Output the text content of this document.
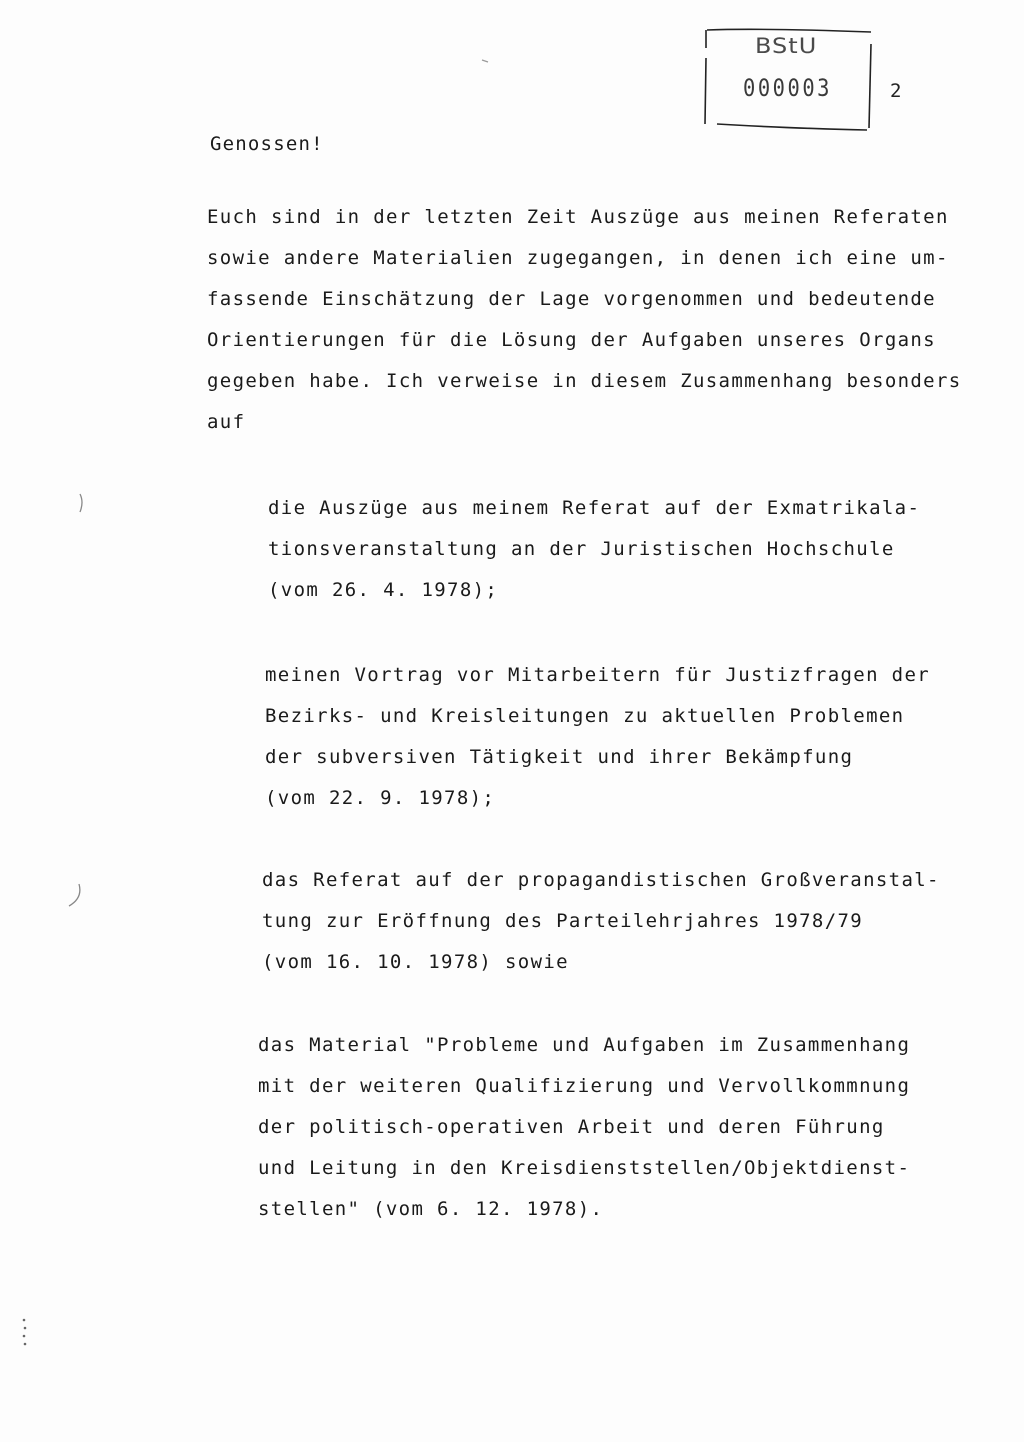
BStU
000003	2
Genossen!
Euch sind in der letzten Zeit Auszüge aus meinen Referaten
sowie andere Materialien zugegangen, in denen ich eine um-
fassende Einschätzung der Lage vorgenommen und bedeutende
Orientierungen für die Lösung der Aufgaben unseres Organs
gegeben habe. Ich verweise in diesem Zusammenhang besonders
auf
die Auszüge aus meinem Referat auf der Exmatrikala-
tionsveranstaltung an der Juristischen Hochschule
(vom 26. 4. 1978);
meinen Vortrag vor Mitarbeitern für Justizfragen der
Bezirks- und Kreisleitungen zu aktuellen Problemen
der subversiven Tätigkeit und ihrer Bekämpfung
(vom 22. 9. 1978);
das Referat auf der propagandistischen Großveranstal-
tung zur Eröffnung des Parteilehrjahres 1978/79
(vom 16. 10. 1978) sowie
das Material "Probleme und Aufgaben im Zusammenhang
mit der weiteren Qualifizierung und Vervollkommnung
der politisch-operativen Arbeit und deren Führung
und Leitung in den Kreisdienststellen/Objektdienst-
stellen" (vom 6. 12. 1978).
